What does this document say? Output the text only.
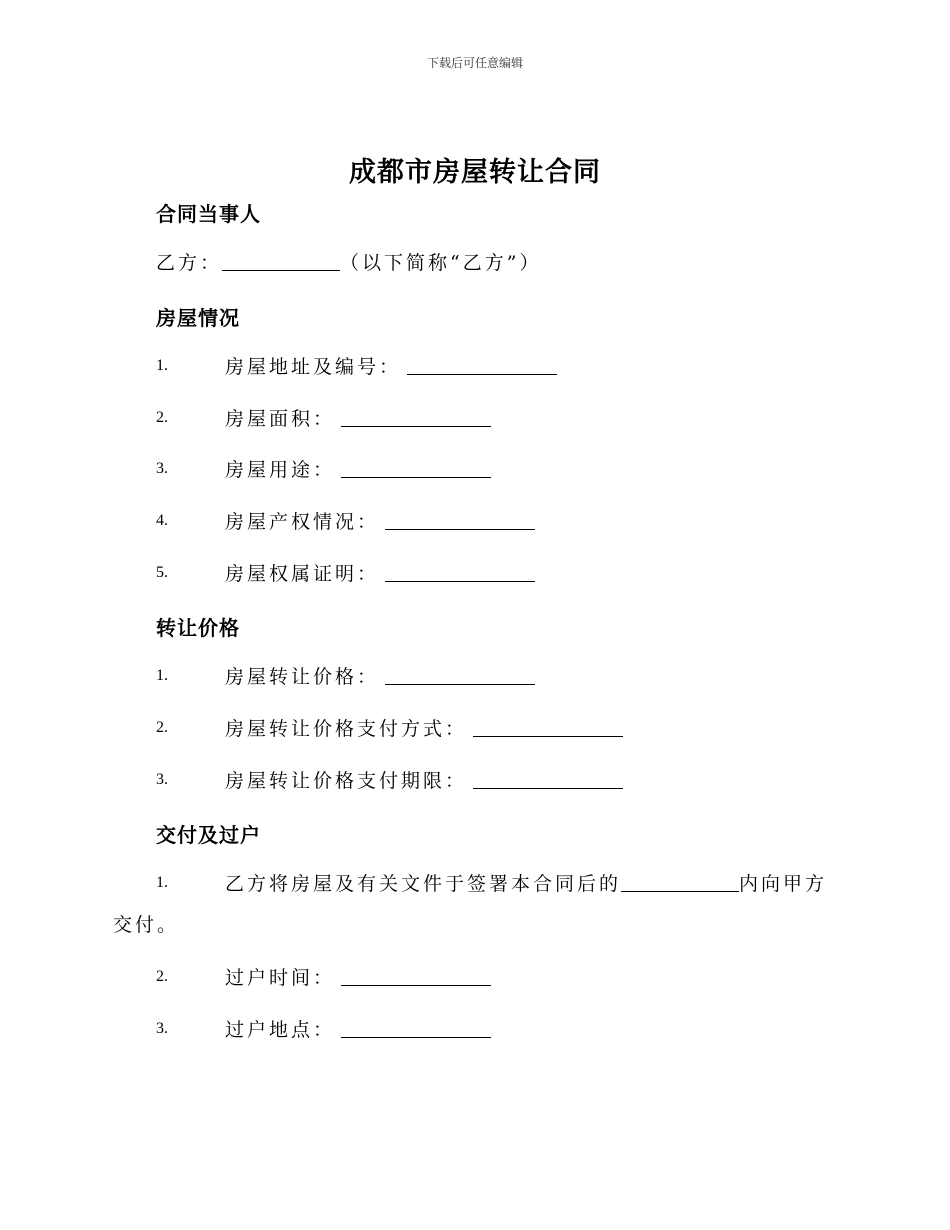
下载后可任意编辑
成都市房屋转让合同
合同当事人
乙方：	（以下简称“乙方”）
房屋情况
1.	房屋地址及编号：
2.	房屋面积：
3.	房屋用途：
4.	房屋产权情况：
5.	房屋权属证明：
转让价格
1.	房屋转让价格：
2.	房屋转让价格支付方式：
3.	房屋转让价格支付期限：
交付及过户
1.	乙方将房屋及有关文件于签署本合同后的	内向甲方
交付。
2.	过户时间：
3.	过户地点：
